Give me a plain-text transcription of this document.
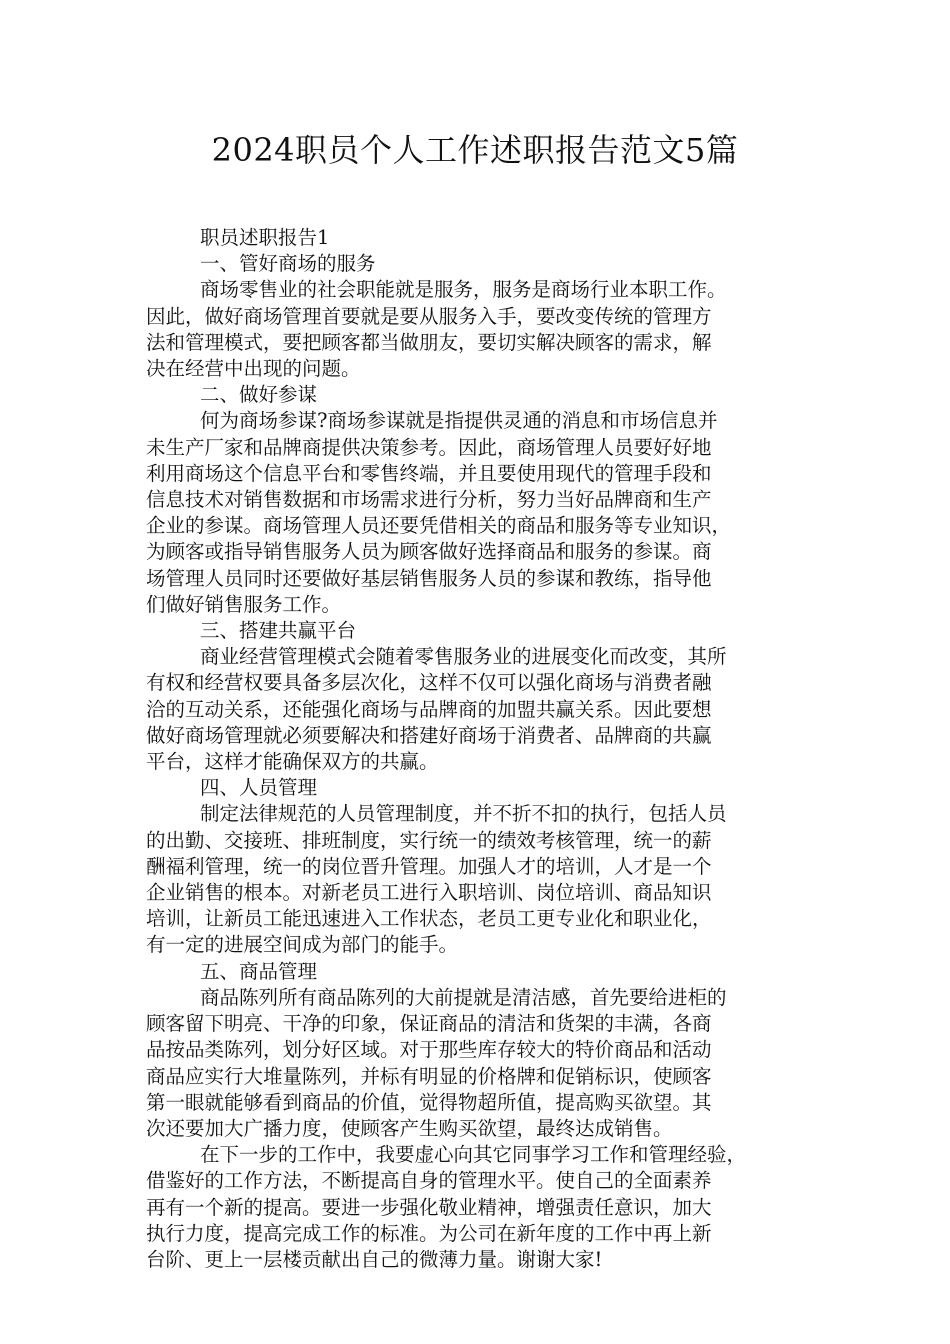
2024职员个人工作述职报告范文5篇

职员述职报告1

一、管好商场的服务

商场零售业的社会职能就是服务，服务是商场行业本职工作。

因此，做好商场管理首要就是要从服务入手，要改变传统的管理方

法和管理模式，要把顾客都当做朋友，要切实解决顾客的需求，解

决在经营中出现的问题。

二、做好参谋

何为商场参谋?商场参谋就是指提供灵通的消息和市场信息并

未生产厂家和品牌商提供决策参考。因此，商场管理人员要好好地

利用商场这个信息平台和零售终端，并且要使用现代的管理手段和

信息技术对销售数据和市场需求进行分析，努力当好品牌商和生产

企业的参谋。商场管理人员还要凭借相关的商品和服务等专业知识，

为顾客或指导销售服务人员为顾客做好选择商品和服务的参谋。商

场管理人员同时还要做好基层销售服务人员的参谋和教练，指导他

们做好销售服务工作。

三、搭建共赢平台

商业经营管理模式会随着零售服务业的进展变化而改变，其所

有权和经营权要具备多层次化，这样不仅可以强化商场与消费者融

洽的互动关系，还能强化商场与品牌商的加盟共赢关系。因此要想

做好商场管理就必须要解决和搭建好商场于消费者、品牌商的共赢

平台，这样才能确保双方的共赢。

四、人员管理

制定法律规范的人员管理制度，并不折不扣的执行，包括人员

的出勤、交接班、排班制度，实行统一的绩效考核管理，统一的薪

酬福利管理，统一的岗位晋升管理。加强人才的培训，人才是一个

企业销售的根本。对新老员工进行入职培训、岗位培训、商品知识

培训，让新员工能迅速进入工作状态，老员工更专业化和职业化，

有一定的进展空间成为部门的能手。

五、商品管理

商品陈列所有商品陈列的大前提就是清洁感，首先要给进柜的

顾客留下明亮、干净的印象，保证商品的清洁和货架的丰满，各商

品按品类陈列，划分好区域。对于那些库存较大的特价商品和活动

商品应实行大堆量陈列，并标有明显的价格牌和促销标识，使顾客

第一眼就能够看到商品的价值，觉得物超所值，提高购买欲望。其

次还要加大广播力度，使顾客产生购买欲望，最终达成销售。

在下一步的工作中，我要虚心向其它同事学习工作和管理经验，

借鉴好的工作方法，不断提高自身的管理水平。使自己的全面素养

再有一个新的提高。要进一步强化敬业精神，增强责任意识，加大

执行力度，提高完成工作的标准。为公司在新年度的工作中再上新

台阶、更上一层楼贡献出自己的微薄力量。谢谢大家!
